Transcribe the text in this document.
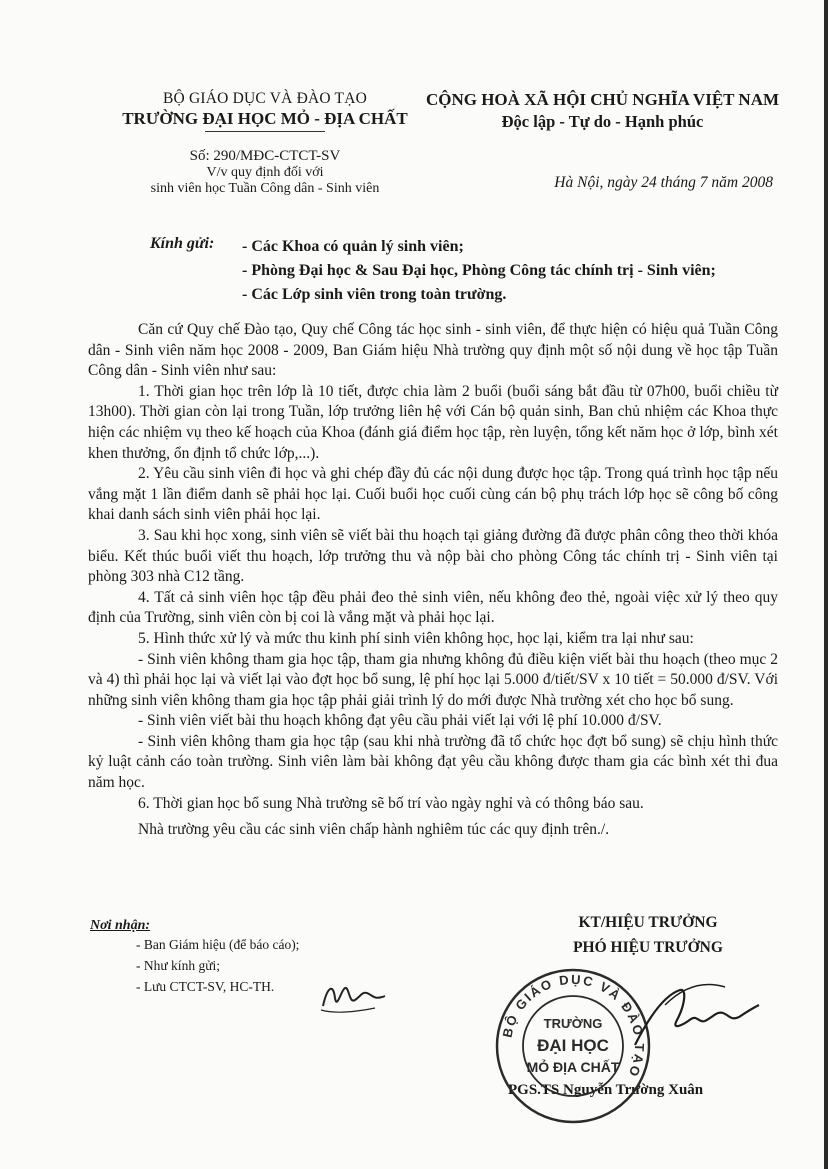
BỘ GIÁO DỤC VÀ ĐÀO TẠO
TRƯỜNG ĐẠI HỌC MỎ - ĐỊA CHẤT
Số: 290/MĐC-CTCT-SV
V/v quy định đối với
sinh viên học Tuần Công dân - Sinh viên
CỘNG HOÀ XÃ HỘI CHỦ NGHĨA VIỆT NAM
Độc lập - Tự do - Hạnh phúc
Hà Nội, ngày 24 tháng 7 năm 2008
Kính gửi: - Các Khoa có quản lý sinh viên;
- Phòng Đại học & Sau Đại học, Phòng Công tác chính trị - Sinh viên;
- Các Lớp sinh viên trong toàn trường.

Căn cứ Quy chế Đào tạo, Quy chế Công tác học sinh - sinh viên, để thực hiện có hiệu quả Tuần Công dân - Sinh viên năm học 2008 - 2009, Ban Giám hiệu Nhà trường quy định một số nội dung về học tập Tuần Công dân - Sinh viên như sau:

1. Thời gian học trên lớp là 10 tiết, được chia làm 2 buổi (buổi sáng bắt đầu từ 07h00, buổi chiều từ 13h00). Thời gian còn lại trong Tuần, lớp trưởng liên hệ với Cán bộ quản sinh, Ban chủ nhiệm các Khoa thực hiện các nhiệm vụ theo kế hoạch của Khoa (đánh giá điểm học tập, rèn luyện, tổng kết năm học ở lớp, bình xét khen thưởng, ổn định tổ chức lớp,...).

2. Yêu cầu sinh viên đi học và ghi chép đầy đủ các nội dung được học tập. Trong quá trình học tập nếu vắng mặt 1 lần điểm danh sẽ phải học lại. Cuối buổi học cuối cùng cán bộ phụ trách lớp học sẽ công bố công khai danh sách sinh viên phải học lại.

3. Sau khi học xong, sinh viên sẽ viết bài thu hoạch tại giảng đường đã được phân công theo thời khóa biểu. Kết thúc buổi viết thu hoạch, lớp trưởng thu và nộp bài cho phòng Công tác chính trị - Sinh viên tại phòng 303 nhà C12 tầng.

4. Tất cả sinh viên học tập đều phải đeo thẻ sinh viên, nếu không đeo thẻ, ngoài việc xử lý theo quy định của Trường, sinh viên còn bị coi là vắng mặt và phải học lại.

5. Hình thức xử lý và mức thu kinh phí sinh viên không học, học lại, kiểm tra lại như sau:

- Sinh viên không tham gia học tập, tham gia nhưng không đủ điều kiện viết bài thu hoạch (theo mục 2 và 4) thì phải học lại và viết lại vào đợt học bổ sung, lệ phí học lại 5.000 đ/tiết/SV x 10 tiết = 50.000 đ/SV. Với những sinh viên không tham gia học tập phải giải trình lý do mới được Nhà trường xét cho học bổ sung.

- Sinh viên viết bài thu hoạch không đạt yêu cầu phải viết lại với lệ phí 10.000 đ/SV.

- Sinh viên không tham gia học tập (sau khi nhà trường đã tổ chức học đợt bổ sung) sẽ chịu hình thức kỷ luật cảnh cáo toàn trường. Sinh viên làm bài không đạt yêu cầu không được tham gia các bình xét thi đua năm học.

6. Thời gian học bổ sung Nhà trường sẽ bố trí vào ngày nghỉ và có thông báo sau.

Nhà trường yêu cầu các sinh viên chấp hành nghiêm túc các quy định trên./.

Nơi nhận:
- Ban Giám hiệu (để báo cáo);
- Như kính gửi;
- Lưu CTCT-SV, HC-TH.
KT/HIỆU TRƯỞNG
PHÓ HIỆU TRƯỞNG
PGS.TS Nguyễn Trường Xuân
BỘ GIÁO DỤC VÀ ĐÀO TẠO
TRƯỜNG
ĐẠI HỌC
MỎ ĐỊA CHẤT
